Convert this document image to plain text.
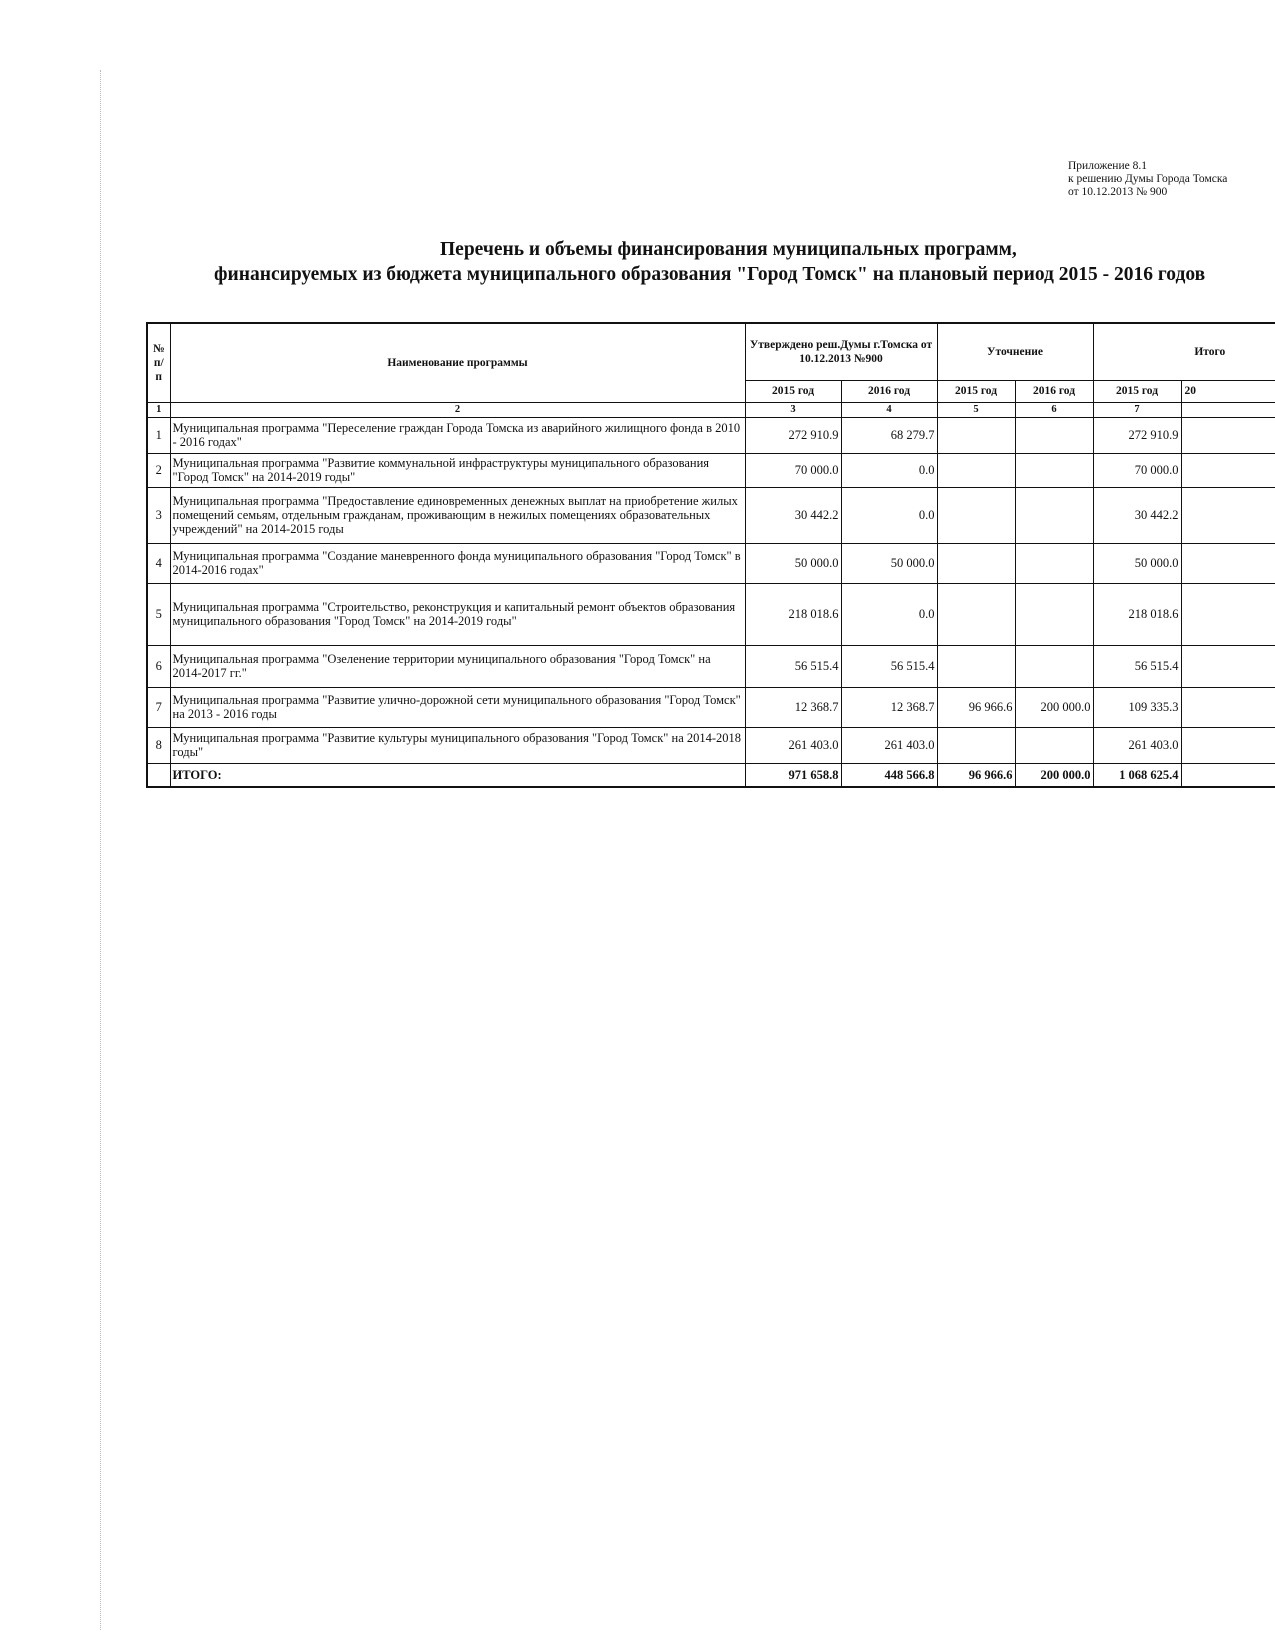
Приложение 8.1
к решению Думы Города Томска
от 10.12.2013 № 900
Перечень и объемы финансирования муниципальных программ,
финансируемых из бюджета муниципального образования "Город Томск" на плановый период 2015 - 2016 годов
№ п/п	Наименование программы	Утверждено реш.Думы г.Томска от 10.12.2013 №900		Уточнение		Итого	
		2015 год	2016 год	2015 год	2016 год	2015 год	20
1	2	3	4	5	6	7	
1	Муниципальная программа "Переселение граждан Города Томска из аварийного жилищного фонда в 2010 - 2016 годах"	272 910.9	68 279.7			272 910.9	
2	Муниципальная программа "Развитие коммунальной инфраструктуры муниципального образования "Город Томск" на 2014-2019 годы"	70 000.0	0.0			70 000.0	
3	Муниципальная программа "Предоставление единовременных денежных выплат на приобретение жилых помещений семьям, отдельным гражданам, проживающим в нежилых помещениях образовательных учреждений" на 2014-2015 годы	30 442.2	0.0			30 442.2	
4	Муниципальная программа "Создание маневренного фонда муниципального образования "Город Томск" в 2014-2016 годах"	50 000.0	50 000.0			50 000.0	
5	Муниципальная программа "Строительство, реконструкция и капитальный ремонт объектов образования муниципального образования "Город Томск" на 2014-2019 годы"	218 018.6	0.0			218 018.6	
6	Муниципальная программа "Озеленение территории муниципального образования "Город Томск" на 2014-2017 гг."	56 515.4	56 515.4			56 515.4	
7	Муниципальная программа "Развитие улично-дорожной сети муниципального образования "Город Томск" на 2013 - 2016 годы	12 368.7	12 368.7	96 966.6	200 000.0	109 335.3	
8	Муниципальная программа "Развитие культуры муниципального образования "Город Томск" на 2014-2018 годы"	261 403.0	261 403.0			261 403.0	
	ИТОГО:	971 658.8	448 566.8	96 966.6	200 000.0	1 068 625.4	
